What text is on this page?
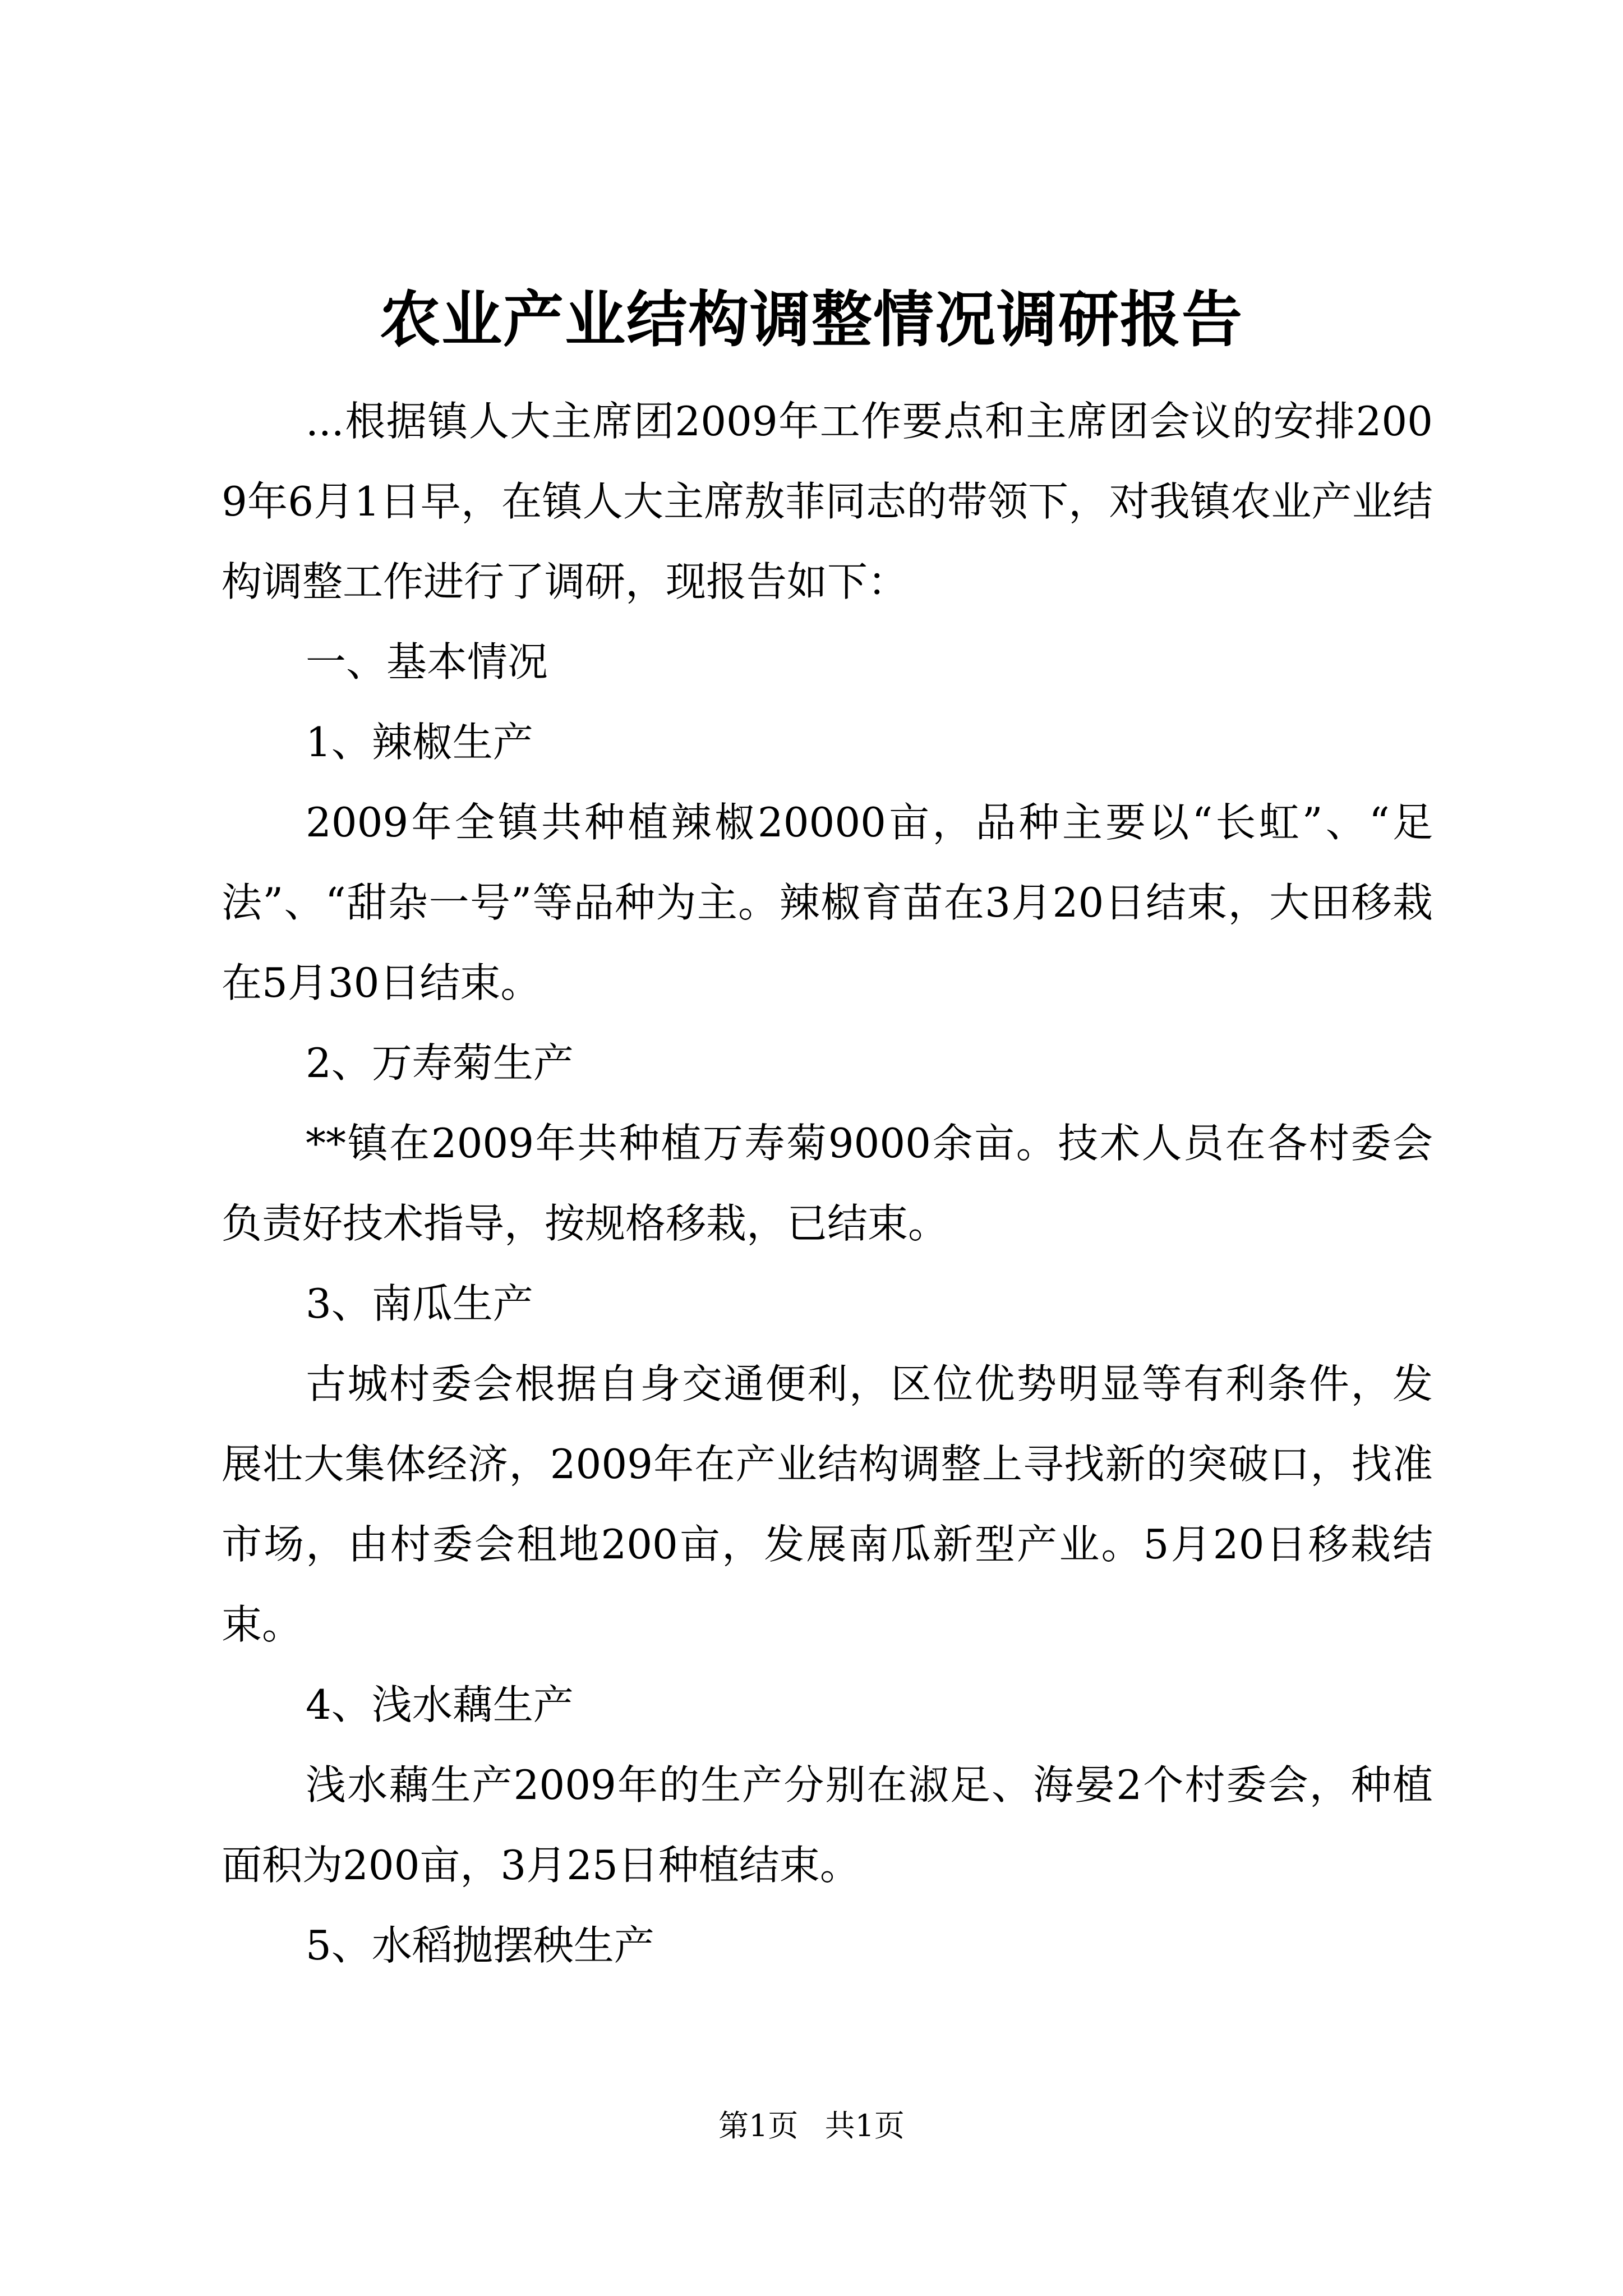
农业产业结构调整情况调研报告

...根据镇人大主席团2009年工作要点和主席团会议的安排2009年6月1日早，在镇人大主席敖菲同志的带领下，对我镇农业产业结构调整工作进行了调研，现报告如下：

一、基本情况

1、辣椒生产

2009年全镇共种植辣椒20000亩，品种主要以“长虹”、“足法”、“甜杂一号”等品种为主。辣椒育苗在3月20日结束，大田移栽在5月30日结束。

2、万寿菊生产

**镇在2009年共种植万寿菊9000余亩。技术人员在各村委会负责好技术指导，按规格移栽，已结束。

3、南瓜生产

古城村委会根据自身交通便利，区位优势明显等有利条件，发展壮大集体经济，2009年在产业结构调整上寻找新的突破口，找准市场，由村委会租地200亩，发展南瓜新型产业。5月20日移栽结束。

4、浅水藕生产

浅水藕生产2009年的生产分别在淑足、海晏2个村委会，种植面积为200亩，3月25日种植结束。

5、水稻抛摆秧生产

第1页 共1页
